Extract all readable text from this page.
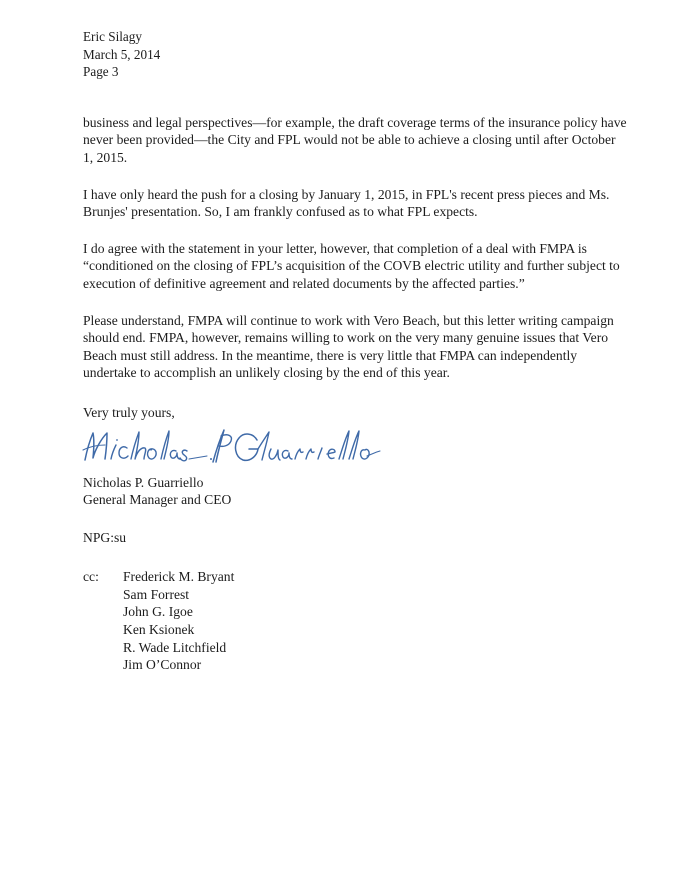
Eric Silagy
March 5, 2014
Page 3

business and legal perspectives—for example, the draft coverage terms of the insurance policy have never been provided—the City and FPL would not be able to achieve a closing until after October 1, 2015.

I have only heard the push for a closing by January 1, 2015, in FPL's recent press pieces and Ms. Brunjes' presentation. So, I am frankly confused as to what FPL expects.

I do agree with the statement in your letter, however, that completion of a deal with FMPA is “conditioned on the closing of FPL’s acquisition of the COVB electric utility and further subject to execution of definitive agreement and related documents by the affected parties.”

Please understand, FMPA will continue to work with Vero Beach, but this letter writing campaign should end. FMPA, however, remains willing to work on the very many genuine issues that Vero Beach must still address. In the meantime, there is very little that FMPA can independently undertake to accomplish an unlikely closing by the end of this year.

Very truly yours,
Nicholas P. Guarriello
General Manager and CEO
NPG:su
cc:	Frederick M. Bryant
Sam Forrest
John G. Igoe
Ken Ksionek
R. Wade Litchfield
Jim O’Connor
